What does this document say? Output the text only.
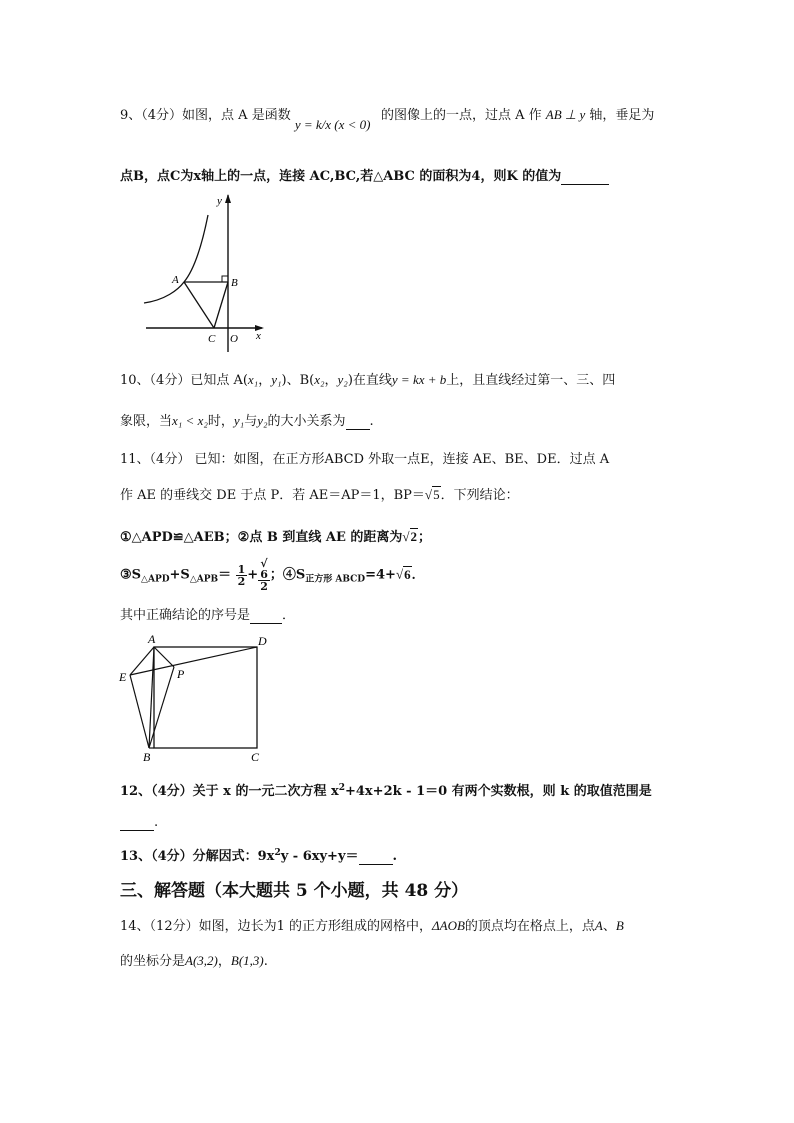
9、（4分）如图，点 A 是函数 y = k/x (x < 0) 的图像上的一点，过点 A 作 AB ⊥ y 轴，垂足为
点B，点C为x轴上的一点，连接 AC,BC,若△ABC 的面积为4，则K 的值为
y
A	B
C O x
10、（4分）已知点 A(x₁，y₁)、B(x₂，y₂)在直线y = kx + b上，且直线经过第一、三、四
象限，当x₁ < x₂时，y₁与y₂的大小关系为 .
11、（4分） 已知：如图，在正方形ABCD 外取一点E，连接 AE、BE、DE．过点 A
作 AE 的垂线交 DE 于点 P．若 AE＝AP＝1，BP＝√5．下列结论：
①△APD≌△AEB；②点 B 到直线 AE 的距离为√2；
$③S_{\triangle APD}+S_{\triangle APB}= \frac{1}{2}$ + √
6
2 ；$④S_{正方形 ABCD}=4+√6$．
其中正确结论的序号是 ．
A	D
E	P
B	C
12、（4分）关于 x 的一元二次方程 $x^2+4x+2k - 1=0$ 有两个实数根，则 k 的取值范围是
.
13、（4分）分解因式：$9x^2y - 6xy+y=$	.
三、解答题（本大题共 5 个小题，共 48 分）
14、（12分）如图，边长为1 的正方形组成的网格中，ΔAOB的顶点均在格点上，点A、B
的坐标分是A(3,2)，B(1,3).
